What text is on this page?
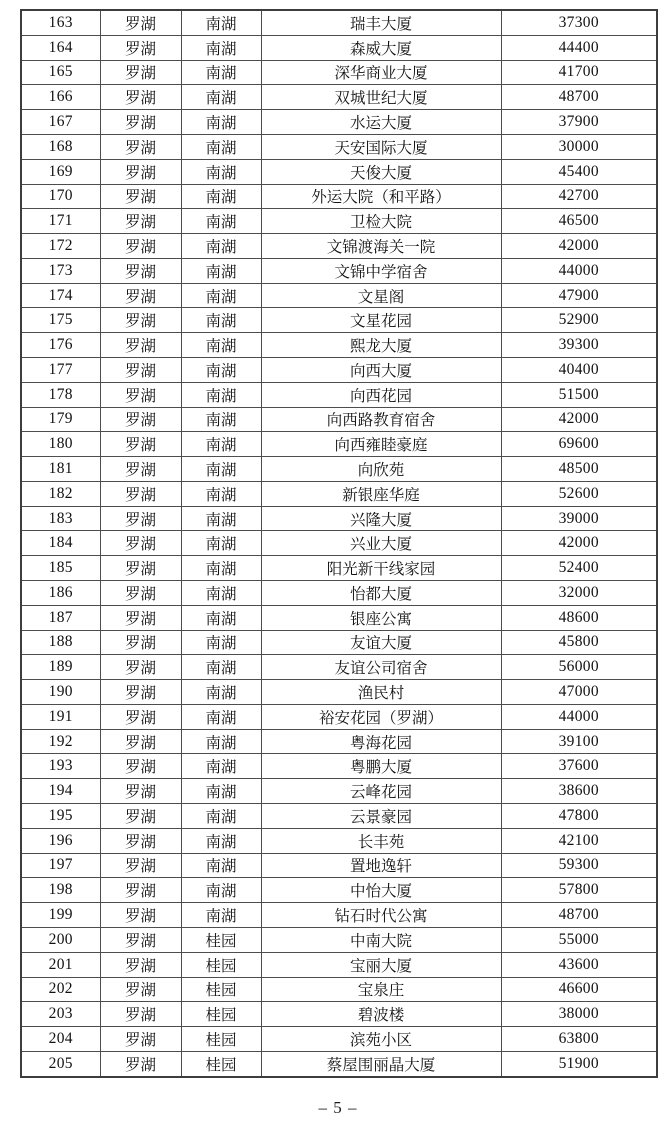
163	罗湖	南湖	瑞丰大厦	37300
164	罗湖	南湖	森威大厦	44400
165	罗湖	南湖	深华商业大厦	41700
166	罗湖	南湖	双城世纪大厦	48700
167	罗湖	南湖	水运大厦	37900
168	罗湖	南湖	天安国际大厦	30000
169	罗湖	南湖	天俊大厦	45400
170	罗湖	南湖	外运大院（和平路）	42700
171	罗湖	南湖	卫检大院	46500
172	罗湖	南湖	文锦渡海关一院	42000
173	罗湖	南湖	文锦中学宿舍	44000
174	罗湖	南湖	文星阁	47900
175	罗湖	南湖	文星花园	52900
176	罗湖	南湖	熙龙大厦	39300
177	罗湖	南湖	向西大厦	40400
178	罗湖	南湖	向西花园	51500
179	罗湖	南湖	向西路教育宿舍	42000
180	罗湖	南湖	向西雍睦豪庭	69600
181	罗湖	南湖	向欣苑	48500
182	罗湖	南湖	新银座华庭	52600
183	罗湖	南湖	兴隆大厦	39000
184	罗湖	南湖	兴业大厦	42000
185	罗湖	南湖	阳光新干线家园	52400
186	罗湖	南湖	怡都大厦	32000
187	罗湖	南湖	银座公寓	48600
188	罗湖	南湖	友谊大厦	45800
189	罗湖	南湖	友谊公司宿舍	56000
190	罗湖	南湖	渔民村	47000
191	罗湖	南湖	裕安花园（罗湖）	44000
192	罗湖	南湖	粤海花园	39100
193	罗湖	南湖	粤鹏大厦	37600
194	罗湖	南湖	云峰花园	38600
195	罗湖	南湖	云景豪园	47800
196	罗湖	南湖	长丰苑	42100
197	罗湖	南湖	置地逸轩	59300
198	罗湖	南湖	中怡大厦	57800
199	罗湖	南湖	钻石时代公寓	48700
200	罗湖	桂园	中南大院	55000
201	罗湖	桂园	宝丽大厦	43600
202	罗湖	桂园	宝泉庄	46600
203	罗湖	桂园	碧波楼	38000
204	罗湖	桂园	滨苑小区	63800
205	罗湖	桂园	蔡屋围丽晶大厦	51900
– 5 –
